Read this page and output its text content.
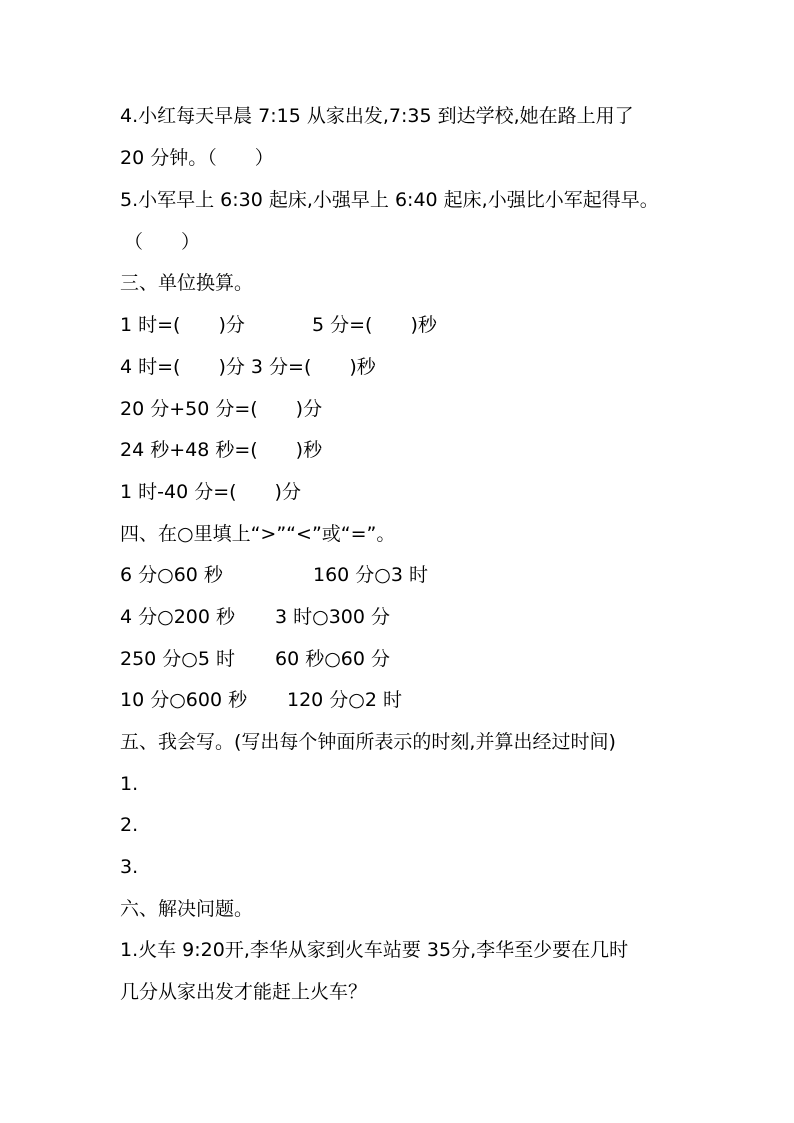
4.小红每天早晨 7:15 从家出发,7:35 到达学校,她在路上用了
20 分钟。（　　）
5.小军早上 6:30 起床,小强早上 6:40 起床,小强比小军起得早。
（　　）
三、单位换算。

1 时=(　　)分

	5 分=(　　)秒

4 时=(　　)分 3 分=(　　)秒
20 分+50 分=(　　)分
24 秒+48 秒=(　　)秒
1 时-40 分=(　　)分
四、在○里填上“>”“<”或“=”。

6 分○60 秒

	160 分○3 时

4 分○200 秒

3 时○300 分

250 分○5 时

60 秒○60 分

10 分○600 秒

120 分○2 时

五、我会写。(写出每个钟面所表示的时刻,并算出经过时间)
1.
2.
3.
六、解决问题。
1.火车 9:20开,李华从家到火车站要 35分,李华至少要在几时
几分从家出发才能赶上火车？
